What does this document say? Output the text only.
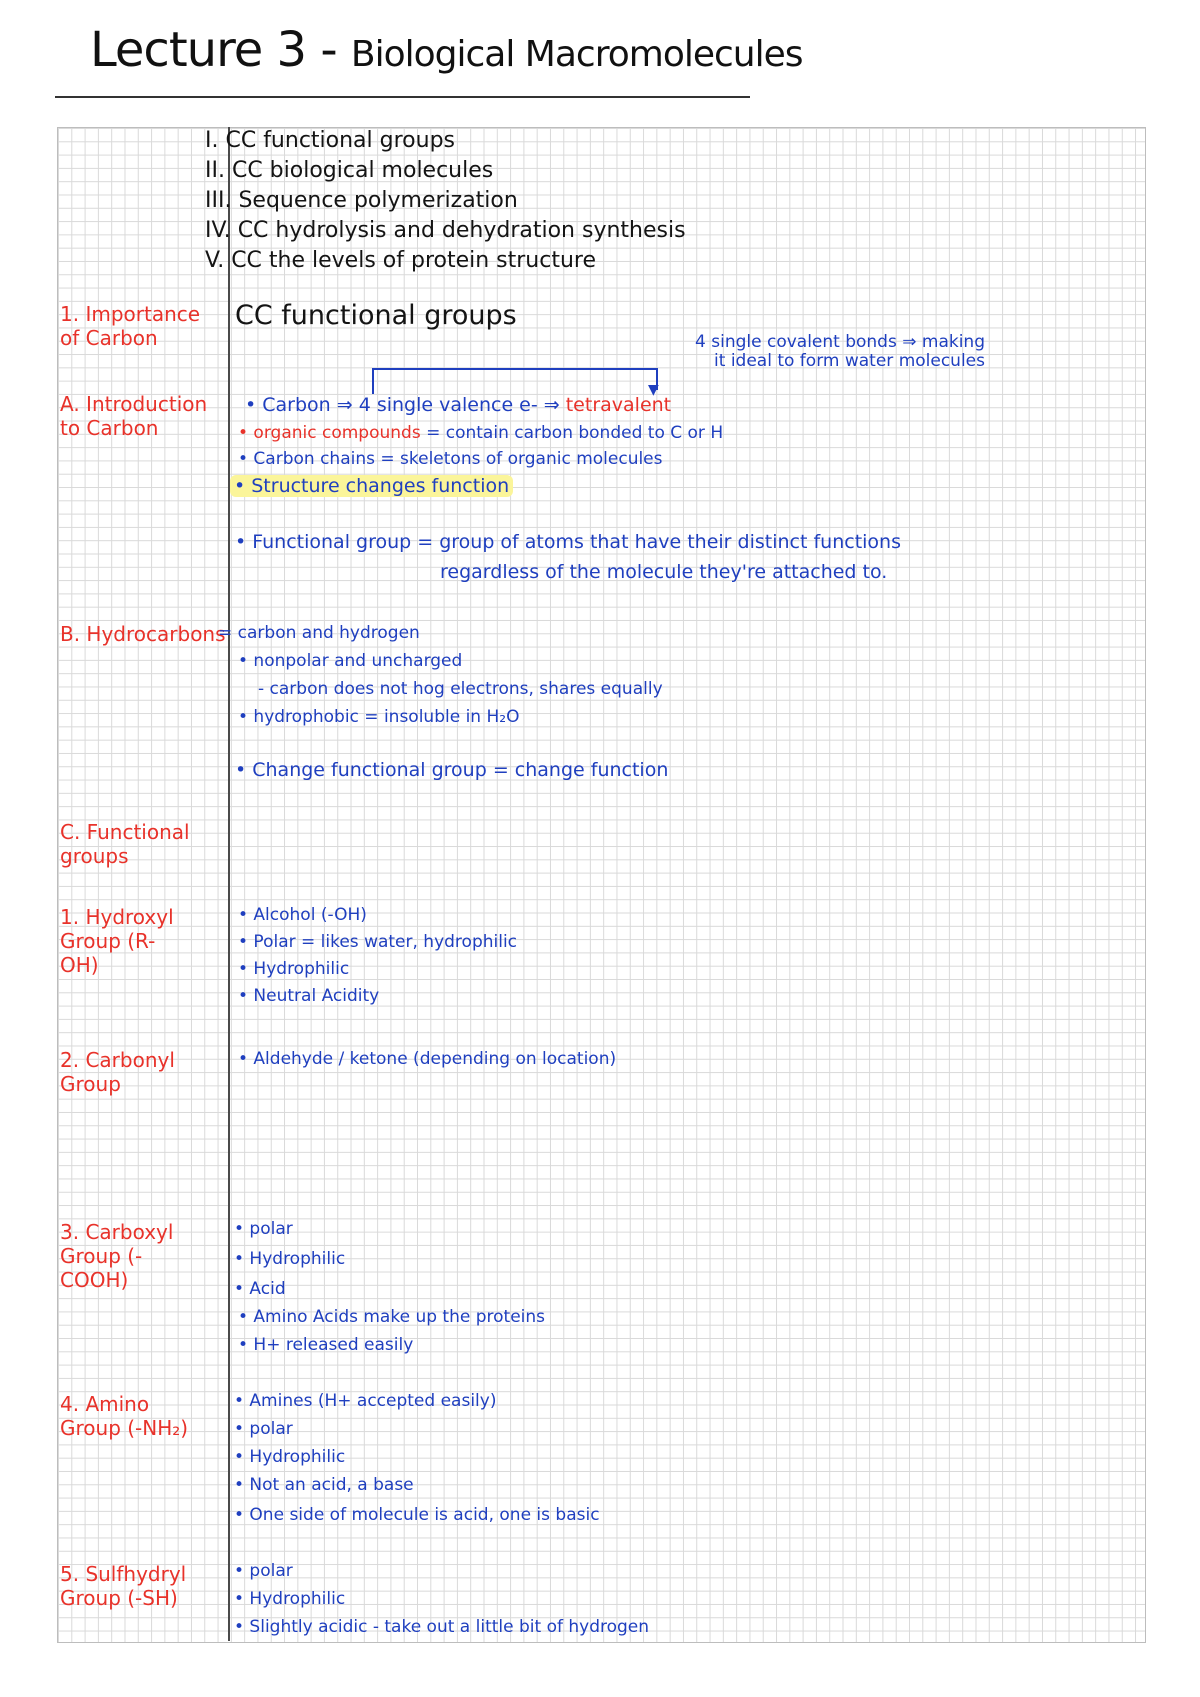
Lecture 3 - Biological Macromolecules
I. CC functional groups
II. CC biological molecules
III. Sequence polymerization
IV. CC hydrolysis and dehydration synthesis
V. CC the levels of protein structure
1. Importance of Carbon
CC functional groups
A. Introduction to Carbon
4 single covalent bonds ⇒ making it ideal to form water molecules
▼
• Carbon ⇒ 4 single valence e- ⇒ tetravalent
• organic compounds = contain carbon bonded to C or H
• Carbon chains = skeletons of organic molecules
• Structure changes function
• Functional group = group of atoms that have their distinct functions
regardless of the molecule they're attached to.
B. Hydrocarbons
= carbon and hydrogen
• nonpolar and uncharged
- carbon does not hog electrons, shares equally
• hydrophobic = insoluble in H₂O
• Change functional group = change function
C. Functional groups
1. Hydroxyl Group (R-OH)
• Alcohol (-OH)
• Polar = likes water, hydrophilic
• Hydrophilic
• Neutral Acidity
2. Carbonyl Group
• Aldehyde / ketone (depending on location)
3. Carboxyl Group (-COOH)
• polar
• Hydrophilic
• Acid
• Amino Acids make up the proteins
• H+ released easily
4. Amino Group (-NH₂)
• Amines (H+ accepted easily)
• polar
• Hydrophilic
• Not an acid, a base
• One side of molecule is acid, one is basic
5. Sulfhydryl Group (-SH)
• polar
• Hydrophilic
• Slightly acidic - take out a little bit of hydrogen
